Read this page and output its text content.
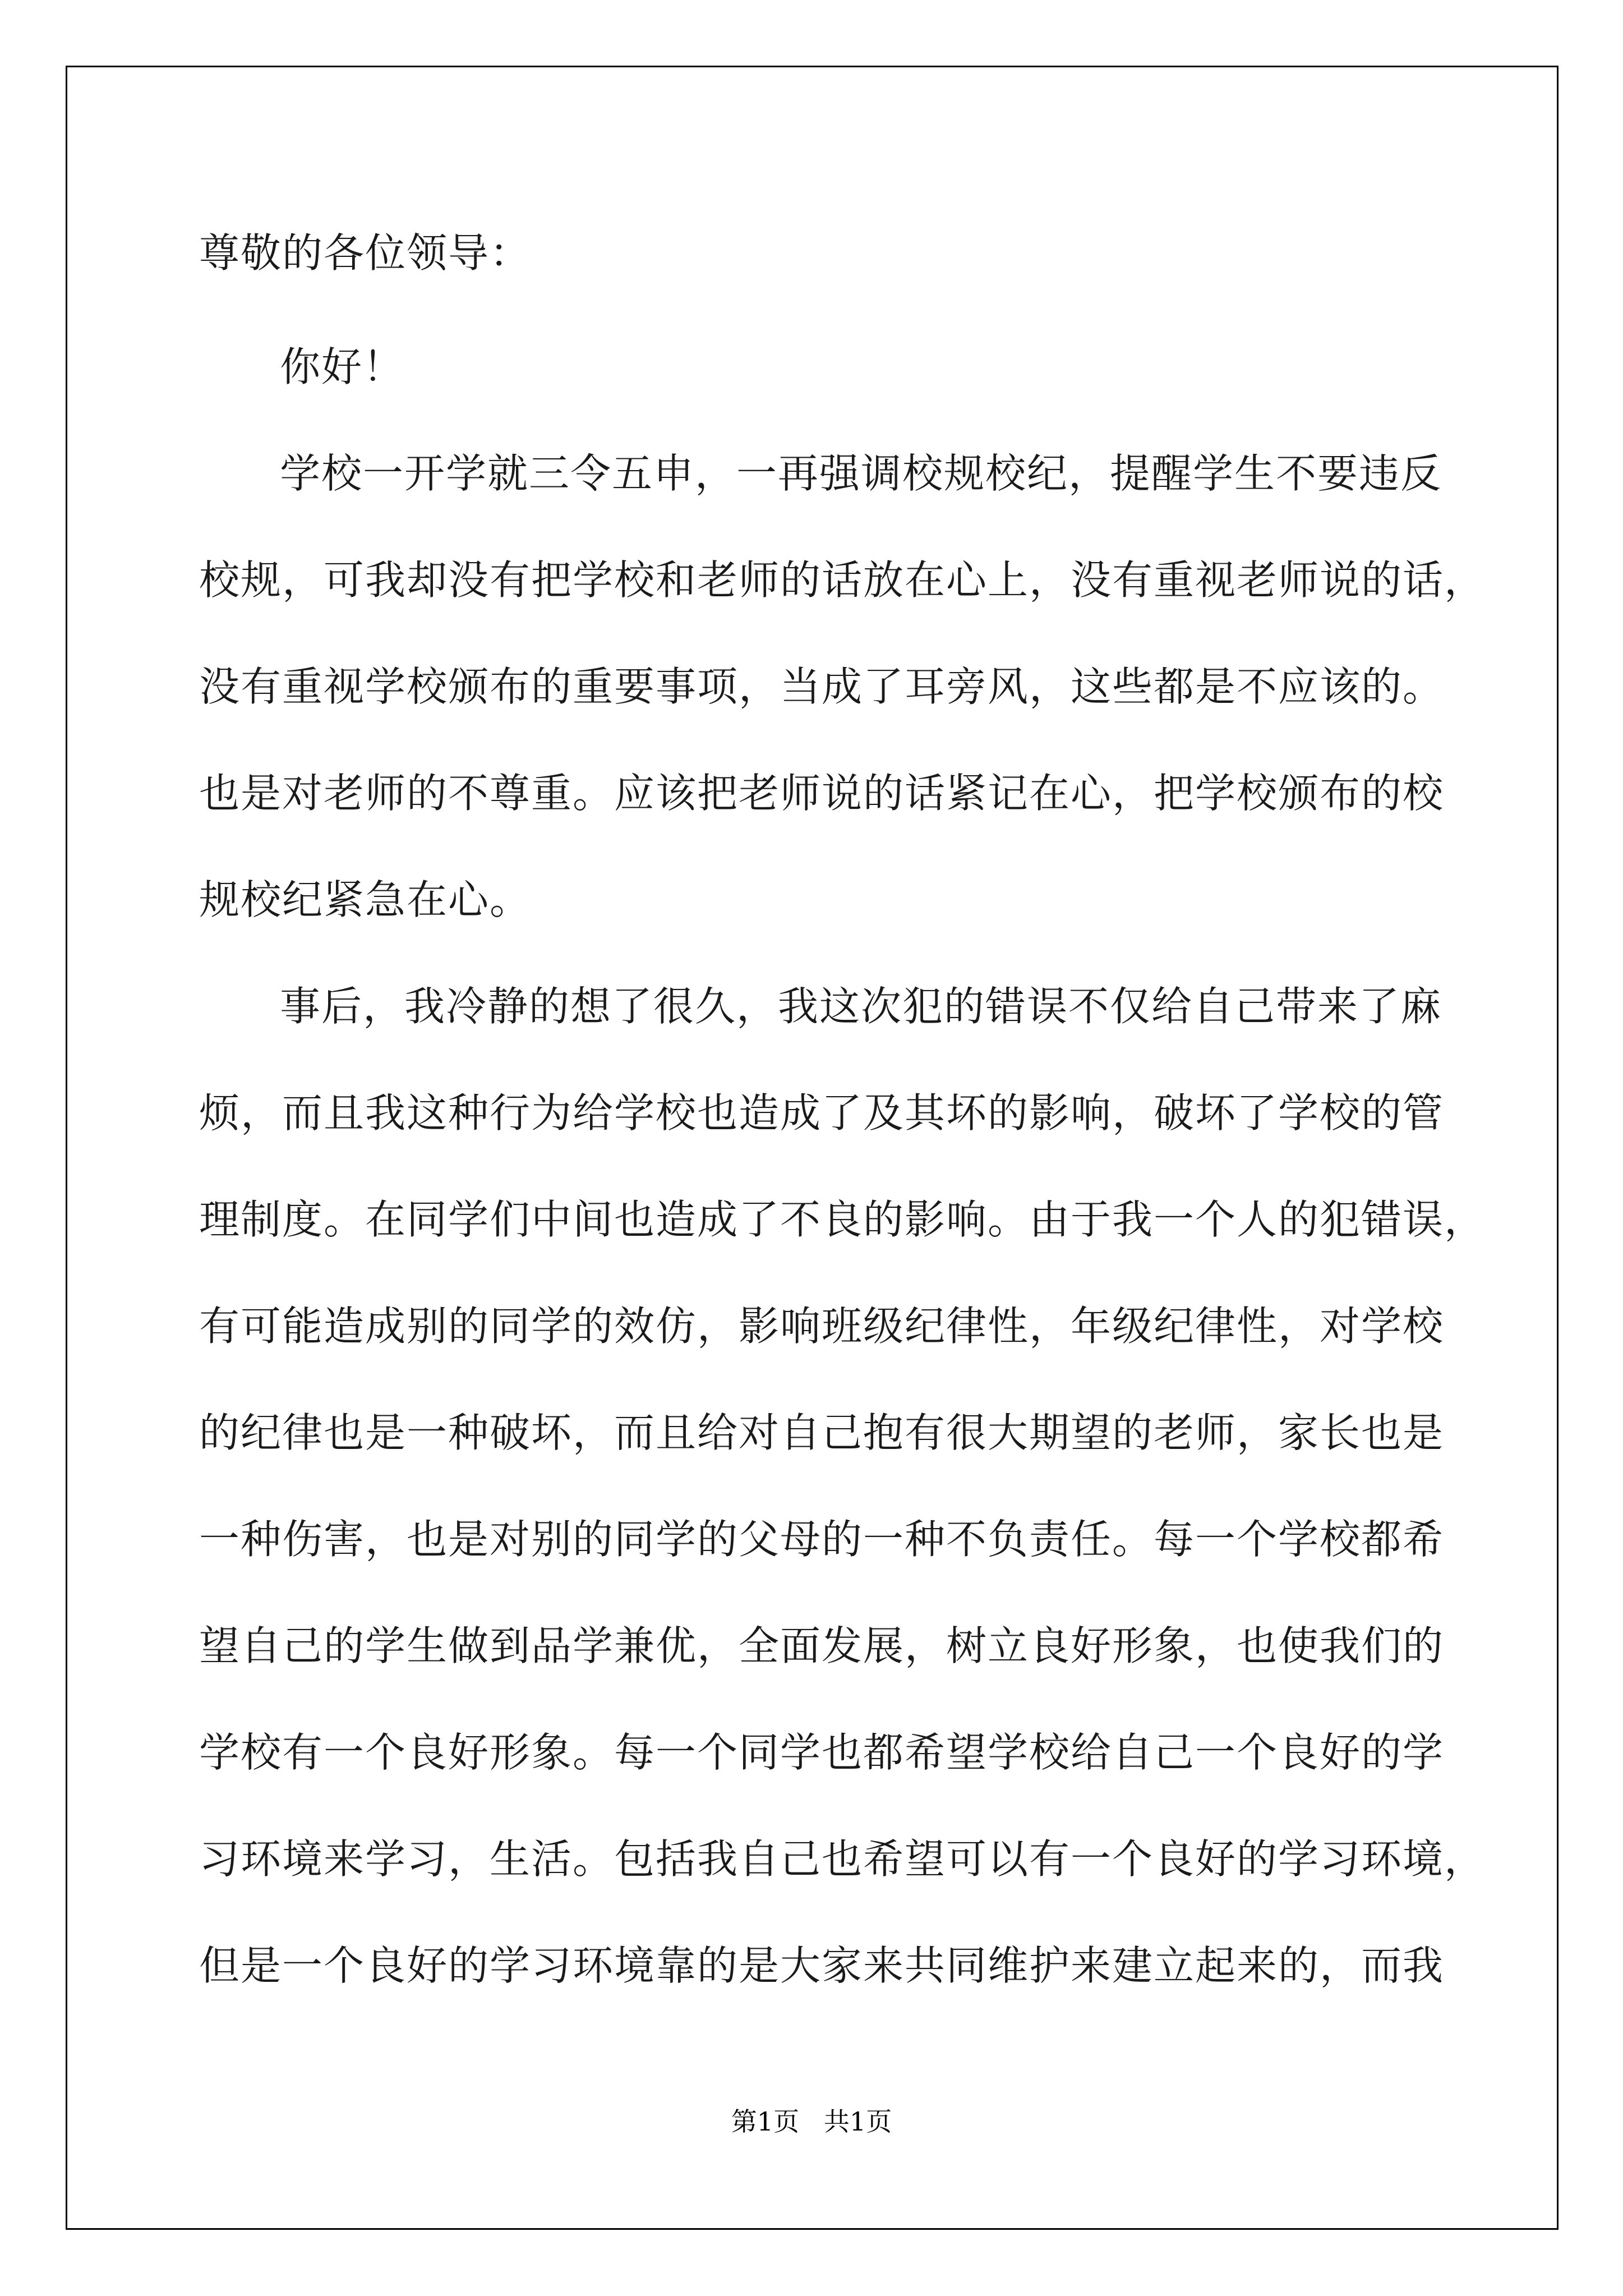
尊敬的各位领导：
你好！
学校一开学就三令五申，一再强调校规校纪，提醒学生不要违反
校规，可我却没有把学校和老师的话放在心上，没有重视老师说的话，
没有重视学校颁布的重要事项，当成了耳旁风，这些都是不应该的。
也是对老师的不尊重。应该把老师说的话紧记在心，把学校颁布的校
规校纪紧急在心。
事后，我冷静的想了很久，我这次犯的错误不仅给自己带来了麻
烦，而且我这种行为给学校也造成了及其坏的影响，破坏了学校的管
理制度。在同学们中间也造成了不良的影响。由于我一个人的犯错误，
有可能造成别的同学的效仿，影响班级纪律性，年级纪律性，对学校
的纪律也是一种破坏，而且给对自己抱有很大期望的老师，家长也是
一种伤害，也是对别的同学的父母的一种不负责任。每一个学校都希
望自己的学生做到品学兼优，全面发展，树立良好形象，也使我们的
学校有一个良好形象。每一个同学也都希望学校给自己一个良好的学
习环境来学习，生活。包括我自己也希望可以有一个良好的学习环境，
但是一个良好的学习环境靠的是大家来共同维护来建立起来的，而我
第1页   共1页
